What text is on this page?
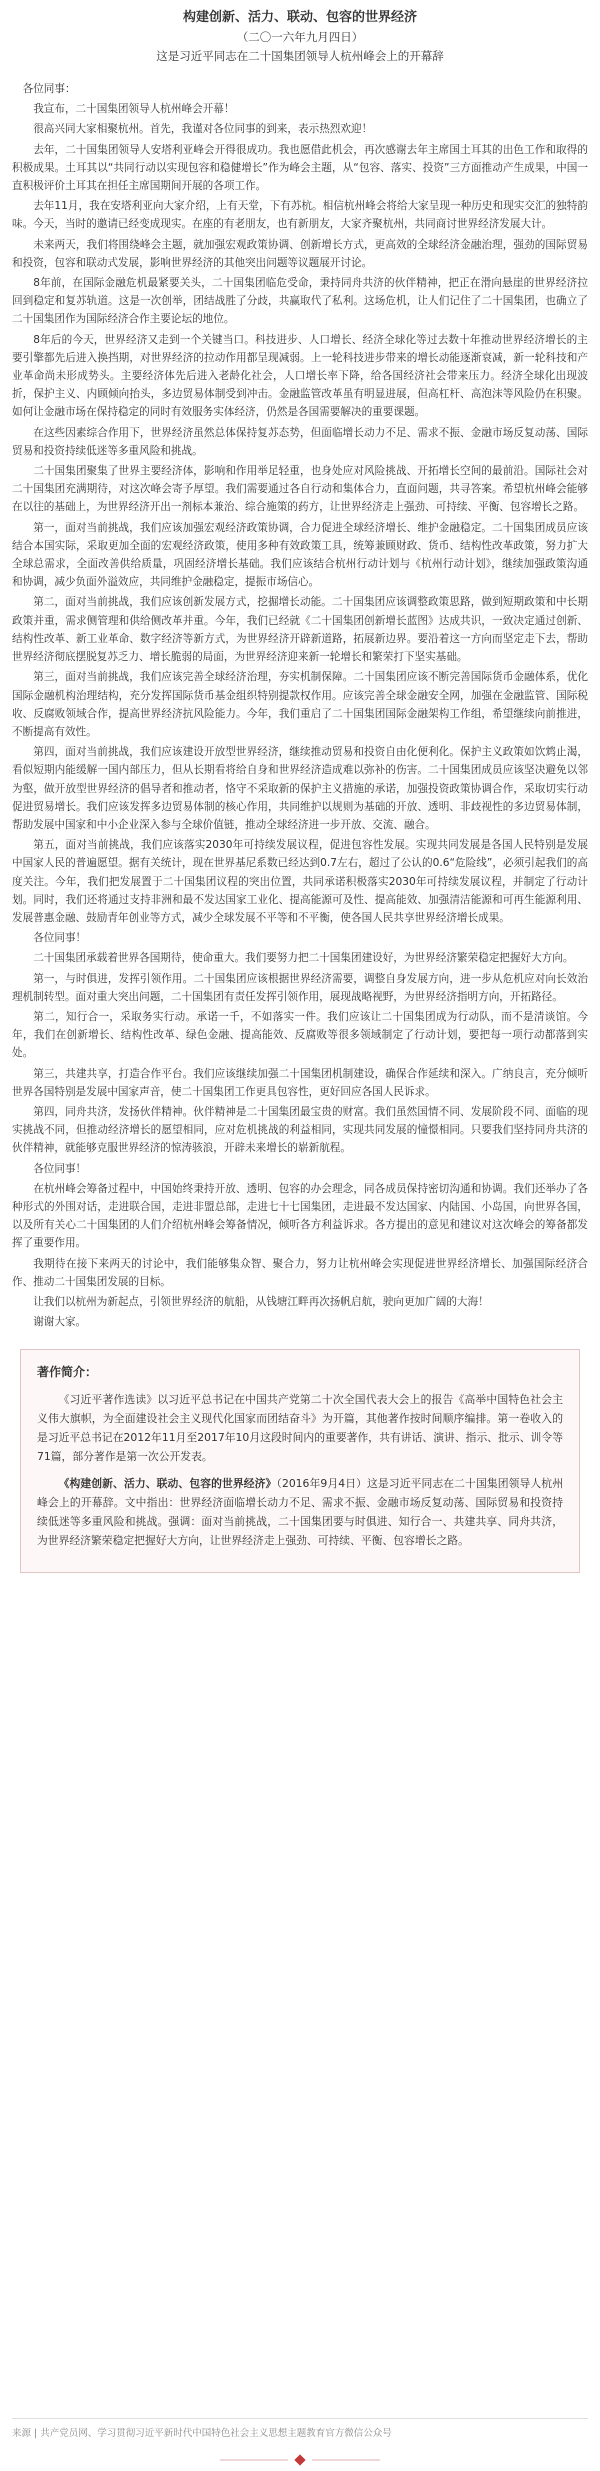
构建创新、活力、联动、包容的世界经济
（二〇一六年九月四日）
这是习近平同志在二十国集团领导人杭州峰会上的开幕辞

各位同事：

我宣布，二十国集团领导人杭州峰会开幕！

很高兴同大家相聚杭州。首先，我谨对各位同事的到来，表示热烈欢迎！

去年，二十国集团领导人安塔利亚峰会开得很成功。我也愿借此机会，再次感谢去年主席国土耳其的出色工作和取得的积极成果。土耳其以“共同行动以实现包容和稳健增长”作为峰会主题，从“包容、落实、投资”三方面推动产生成果，中国一直积极评价土耳其在担任主席国期间开展的各项工作。

去年11月，我在安塔利亚向大家介绍，上有天堂，下有苏杭。相信杭州峰会将给大家呈现一种历史和现实交汇的独特韵味。今天，当时的邀请已经变成现实。在座的有老朋友，也有新朋友，大家齐聚杭州，共同商讨世界经济发展大计。

未来两天，我们将围绕峰会主题，就加强宏观政策协调、创新增长方式，更高效的全球经济金融治理，强劲的国际贸易和投资，包容和联动式发展，影响世界经济的其他突出问题等议题展开讨论。

8年前，在国际金融危机最紧要关头，二十国集团临危受命，秉持同舟共济的伙伴精神，把正在滑向悬崖的世界经济拉回到稳定和复苏轨道。这是一次创举，团结战胜了分歧，共赢取代了私利。这场危机，让人们记住了二十国集团，也确立了二十国集团作为国际经济合作主要论坛的地位。

8年后的今天，世界经济又走到一个关键当口。科技进步、人口增长、经济全球化等过去数十年推动世界经济增长的主要引擎都先后进入换挡期，对世界经济的拉动作用都呈现减弱。上一轮科技进步带来的增长动能逐渐衰减，新一轮科技和产业革命尚未形成势头。主要经济体先后进入老龄化社会，人口增长率下降，给各国经济社会带来压力。经济全球化出现波折，保护主义、内顾倾向抬头，多边贸易体制受到冲击。金融监管改革虽有明显进展，但高杠杆、高泡沫等风险仍在积聚。如何让金融市场在保持稳定的同时有效服务实体经济，仍然是各国需要解决的重要课题。

在这些因素综合作用下，世界经济虽然总体保持复苏态势，但面临增长动力不足、需求不振、金融市场反复动荡、国际贸易和投资持续低迷等多重风险和挑战。

二十国集团聚集了世界主要经济体，影响和作用举足轻重，也身处应对风险挑战、开拓增长空间的最前沿。国际社会对二十国集团充满期待，对这次峰会寄予厚望。我们需要通过各自行动和集体合力，直面问题，共寻答案。希望杭州峰会能够在以往的基础上，为世界经济开出一剂标本兼治、综合施策的药方，让世界经济走上强劲、可持续、平衡、包容增长之路。

第一，面对当前挑战，我们应该加强宏观经济政策协调，合力促进全球经济增长、维护金融稳定。二十国集团成员应该结合本国实际，采取更加全面的宏观经济政策，使用多种有效政策工具，统筹兼顾财政、货币、结构性改革政策，努力扩大全球总需求，全面改善供给质量，巩固经济增长基础。我们应该结合杭州行动计划与《杭州行动计划》，继续加强政策沟通和协调，减少负面外溢效应，共同维护金融稳定，提振市场信心。

第二，面对当前挑战，我们应该创新发展方式，挖掘增长动能。二十国集团应该调整政策思路，做到短期政策和中长期政策并重，需求侧管理和供给侧改革并重。今年，我们已经就《二十国集团创新增长蓝图》达成共识，一致决定通过创新、结构性改革、新工业革命、数字经济等新方式，为世界经济开辟新道路，拓展新边界。要沿着这一方向而坚定走下去，帮助世界经济彻底摆脱复苏乏力、增长脆弱的局面，为世界经济迎来新一轮增长和繁荣打下坚实基础。

第三，面对当前挑战，我们应该完善全球经济治理，夯实机制保障。二十国集团应该不断完善国际货币金融体系，优化国际金融机构治理结构，充分发挥国际货币基金组织特别提款权作用。应该完善全球金融安全网，加强在金融监管、国际税收、反腐败领域合作，提高世界经济抗风险能力。今年，我们重启了二十国集团国际金融架构工作组，希望继续向前推进，不断提高有效性。

第四，面对当前挑战，我们应该建设开放型世界经济，继续推动贸易和投资自由化便利化。保护主义政策如饮鸩止渴，看似短期内能缓解一国内部压力，但从长期看将给自身和世界经济造成难以弥补的伤害。二十国集团成员应该坚决避免以邻为壑，做开放型世界经济的倡导者和推动者，恪守不采取新的保护主义措施的承诺，加强投资政策协调合作，采取切实行动促进贸易增长。我们应该发挥多边贸易体制的核心作用，共同维护以规则为基础的开放、透明、非歧视性的多边贸易体制，帮助发展中国家和中小企业深入参与全球价值链，推动全球经济进一步开放、交流、融合。

第五，面对当前挑战，我们应该落实2030年可持续发展议程，促进包容性发展。实现共同发展是各国人民特别是发展中国家人民的普遍愿望。据有关统计，现在世界基尼系数已经达到0.7左右，超过了公认的0.6“危险线”，必须引起我们的高度关注。今年，我们把发展置于二十国集团议程的突出位置，共同承诺积极落实2030年可持续发展议程，并制定了行动计划。同时，我们还将通过支持非洲和最不发达国家工业化、提高能源可及性、提高能效、加强清洁能源和可再生能源利用、发展普惠金融、鼓励青年创业等方式，减少全球发展不平等和不平衡，使各国人民共享世界经济增长成果。

各位同事！

二十国集团承载着世界各国期待，使命重大。我们要努力把二十国集团建设好，为世界经济繁荣稳定把握好大方向。

第一，与时俱进，发挥引领作用。二十国集团应该根据世界经济需要，调整自身发展方向，进一步从危机应对向长效治理机制转型。面对重大突出问题，二十国集团有责任发挥引领作用，展现战略视野，为世界经济指明方向，开拓路径。

第二，知行合一，采取务实行动。承诺一千，不如落实一件。我们应该让二十国集团成为行动队，而不是清谈馆。今年，我们在创新增长、结构性改革、绿色金融、提高能效、反腐败等很多领域制定了行动计划，要把每一项行动都落到实处。

第三，共建共享，打造合作平台。我们应该继续加强二十国集团机制建设，确保合作延续和深入。广纳良言，充分倾听世界各国特别是发展中国家声音，使二十国集团工作更具包容性，更好回应各国人民诉求。

第四，同舟共济，发扬伙伴精神。伙伴精神是二十国集团最宝贵的财富。我们虽然国情不同、发展阶段不同、面临的现实挑战不同，但推动经济增长的愿望相同，应对危机挑战的利益相同，实现共同发展的憧憬相同。只要我们坚持同舟共济的伙伴精神，就能够克服世界经济的惊涛骇浪，开辟未来增长的崭新航程。

各位同事！

在杭州峰会筹备过程中，中国始终秉持开放、透明、包容的办会理念，同各成员保持密切沟通和协调。我们还举办了各种形式的外围对话，走进联合国，走进非盟总部，走进七十七国集团，走进最不发达国家、内陆国、小岛国，向世界各国，以及所有关心二十国集团的人们介绍杭州峰会筹备情况，倾听各方利益诉求。各方提出的意见和建议对这次峰会的筹备都发挥了重要作用。

我期待在接下来两天的讨论中，我们能够集众智、聚合力，努力让杭州峰会实现促进世界经济增长、加强国际经济合作、推动二十国集团发展的目标。

让我们以杭州为新起点，引领世界经济的航船，从钱塘江畔再次扬帆启航，驶向更加广阔的大海！

谢谢大家。

著作简介：

《习近平著作选读》以习近平总书记在中国共产党第二十次全国代表大会上的报告《高举中国特色社会主义伟大旗帜，为全面建设社会主义现代化国家而团结奋斗》为开篇，其他著作按时间顺序编排。第一卷收入的是习近平总书记在2012年11月至2017年10月这段时间内的重要著作，共有讲话、演讲、指示、批示、训令等71篇，部分著作是第一次公开发表。

《构建创新、活力、联动、包容的世界经济》（2016年9月4日）这是习近平同志在二十国集团领导人杭州峰会上的开幕辞。文中指出：世界经济面临增长动力不足、需求不振、金融市场反复动荡、国际贸易和投资持续低迷等多重风险和挑战。强调：面对当前挑战，二十国集团要与时俱进、知行合一、共建共享、同舟共济，为世界经济繁荣稳定把握好大方向，让世界经济走上强劲、可持续、平衡、包容增长之路。

来源 | 共产党员网、学习贯彻习近平新时代中国特色社会主义思想主题教育官方微信公众号
